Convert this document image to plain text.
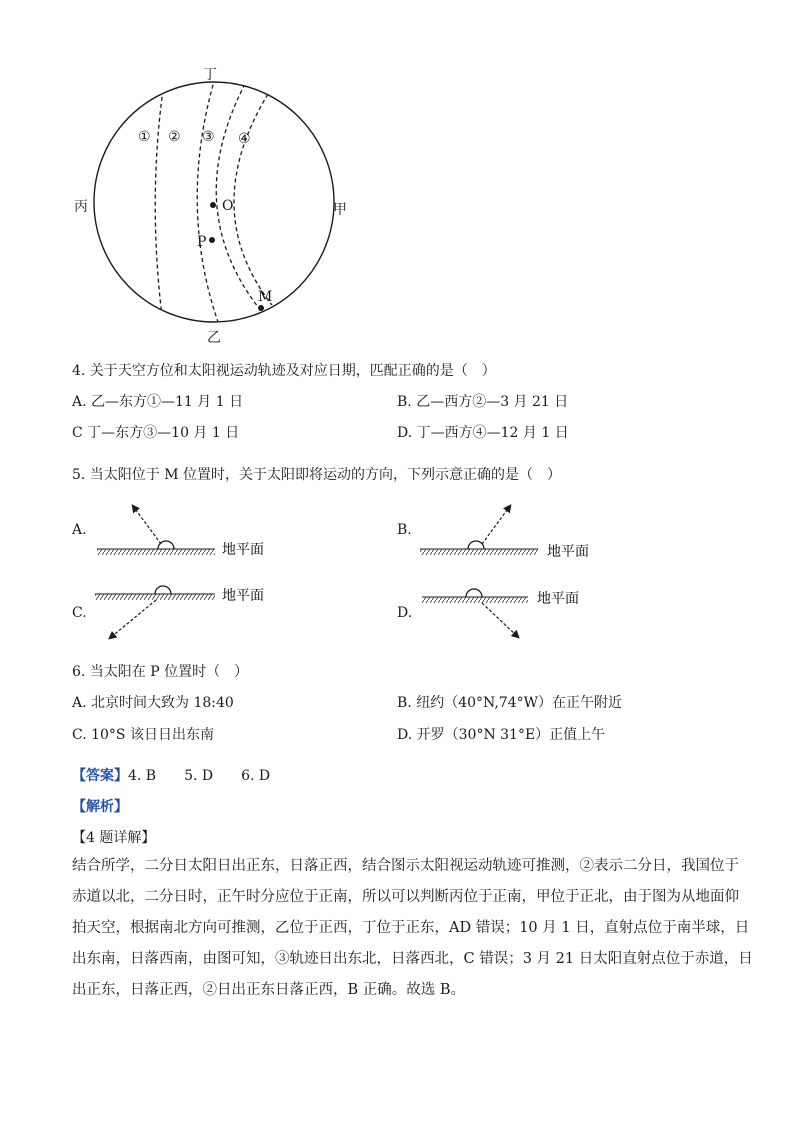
丁
乙
丙	甲
① ② ③ ④
O
P
M
4. 关于天空方位和太阳视运动轨迹及对应日期，匹配正确的是（　）
A. 乙—东方①—11 月 1 日	B. 乙—西方②—3 月 21 日
C 丁—东方③—10 月 1 日	D. 丁—西方④—12 月 1 日
5. 当太阳位于 M 位置时，关于太阳即将运动的方向，下列示意正确的是（　）
A.	B.
C.	D.
地平面	地平面
地平面	地平面
6. 当太阳在 P 位置时（　）
A. 北京时间大致为 18:40	B. 纽约（40°N,74°W）在正午附近
C. 10°S 该日日出东南	D. 开罗（30°N 31°E）正值上午
【答案】4. B　　5. D　　6. D
【解析】
【4 题详解】
结合所学，二分日太阳日出正东，日落正西，结合图示太阳视运动轨迹可推测，②表示二分日，我国位于
赤道以北，二分日时，正午时分应位于正南，所以可以判断丙位于正南，甲位于正北，由于图为从地面仰
拍天空，根据南北方向可推测，乙位于正西，丁位于正东，AD 错误；10 月 1 日，直射点位于南半球，日
出东南，日落西南，由图可知，③轨迹日出东北，日落西北，C 错误；3 月 21 日太阳直射点位于赤道，日
出正东，日落正西，②日出正东日落正西，B 正确。故选 B。
